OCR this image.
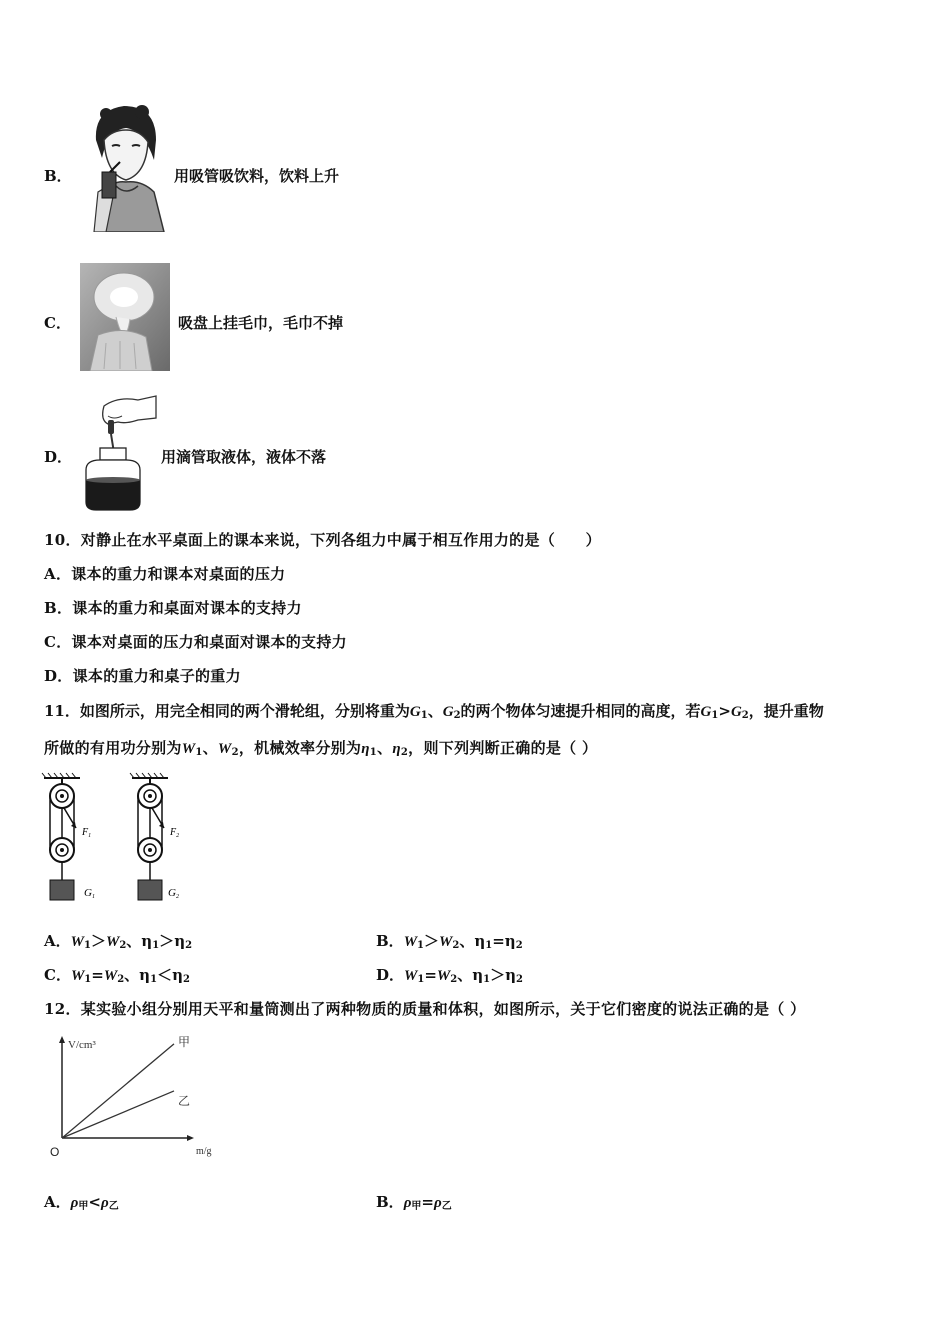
B．	用吸管吸饮料，饮料上升
C．	吸盘上挂毛巾，毛巾不掉
D．	用滴管取液体，液体不落
10．对静止在水平桌面上的课本来说，下列各组力中属于相互作用力的是（　　）
A．课本的重力和课本对桌面的压力
B．课本的重力和桌面对课本的支持力
C．课本对桌面的压力和桌面对课本的支持力
D．课本的重力和桌子的重力
11．如图所示，用完全相同的两个滑轮组，分别将重为$G_1$、$G_2$的两个物体匀速提升相同的高度，若$G_1>G_2$，提升重物
所做的有用功分别为$W_1$、$W_2$，机械效率分别为$\eta_1$、$\eta_2$，则下列判断正确的是（ ）
$F_1$	$F_2$
G1	G2
A．$W_1>W_2$、$\eta_1>\eta_2$	B．$W_1>W_2$、$\eta_1=\eta_2$
C．$W_1=W_2$、$\eta_1<\eta_2$	D．$W_1=W_2$、$\eta_1>\eta_2$
12．某实验小组分别用天平和量筒测出了两种物质的质量和体积，如图所示，关于它们密度的说法正确的是（ ）
V/cm³
m/g
O
甲
乙
A．$\rho_甲<\rho_乙$	B．$\rho_甲=\rho_乙$
